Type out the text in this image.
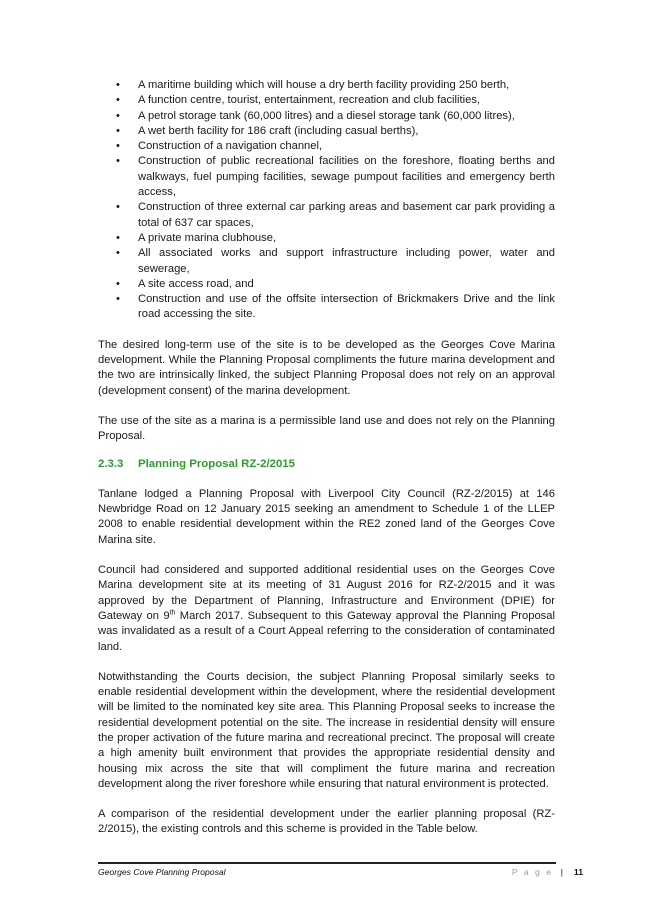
• A maritime building which will house a dry berth facility providing 250 berth,
• A function centre, tourist, entertainment, recreation and club facilities,
• A petrol storage tank (60,000 litres) and a diesel storage tank (60,000 litres),
• A wet berth facility for 186 craft (including casual berths),
• Construction of a navigation channel,
• Construction of public recreational facilities on the foreshore, floating berths and walkways, fuel pumping facilities, sewage pumpout facilities and emergency berth access,
• Construction of three external car parking areas and basement car park providing a total of 637 car spaces,
• A private marina clubhouse,
• All associated works and support infrastructure including power, water and sewerage,
• A site access road, and
• Construction and use of the offsite intersection of Brickmakers Drive and the link road accessing the site.

The desired long-term use of the site is to be developed as the Georges Cove Marina development. While the Planning Proposal compliments the future marina development and the two are intrinsically linked, the subject Planning Proposal does not rely on an approval (development consent) of the marina development.

The use of the site as a marina is a permissible land use and does not rely on the Planning Proposal.

2.3.3 Planning Proposal RZ-2/2015

Tanlane lodged a Planning Proposal with Liverpool City Council (RZ-2/2015) at 146 Newbridge Road on 12 January 2015 seeking an amendment to Schedule 1 of the LLEP 2008 to enable residential development within the RE2 zoned land of the Georges Cove Marina site.

Council had considered and supported additional residential uses on the Georges Cove Marina development site at its meeting of 31 August 2016 for RZ-2/2015 and it was approved by the Department of Planning, Infrastructure and Environment (DPIE) for Gateway on 9th March 2017. Subsequent to this Gateway approval the Planning Proposal was invalidated as a result of a Court Appeal referring to the consideration of contaminated land.

Notwithstanding the Courts decision, the subject Planning Proposal similarly seeks to enable residential development within the development, where the residential development will be limited to the nominated key site area. This Planning Proposal seeks to increase the residential development potential on the site. The increase in residential density will ensure the proper activation of the future marina and recreational precinct. The proposal will create a high amenity built environment that provides the appropriate residential density and housing mix across the site that will compliment the future marina and recreation development along the river foreshore while ensuring that natural environment is protected.

A comparison of the residential development under the earlier planning proposal (RZ-2/2015), the existing controls and this scheme is provided in the Table below.

Georges Cove Planning Proposal	P a g e | 11
